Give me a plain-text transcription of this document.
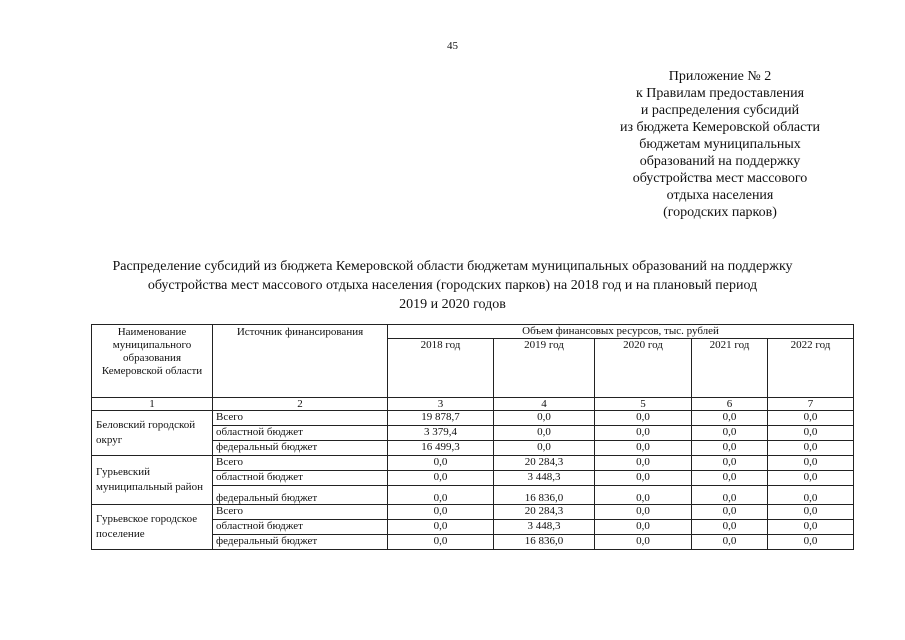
45
Приложение № 2
к Правилам предоставления
и распределения субсидий
из бюджета Кемеровской области
бюджетам муниципальных
образований на поддержку
обустройства мест массового
отдыха населения
(городских парков)
Распределение субсидий из бюджета Кемеровской области бюджетам муниципальных образований на поддержку
обустройства мест массового отдыха населения (городских парков) на 2018 год и на плановый период
2019 и 2020 годов
Наименование муниципального образования Кемеровской области	Источник финансирования	Объем финансовых ресурсов, тыс. рублей				
		2018 год	2019 год	2020 год	2021 год	2022 год
1	2	3	4	5	6	7
Беловский городской округ	Всего	19 878,7	0,0	0,0	0,0	0,0
	областной бюджет	3 379,4	0,0	0,0	0,0	0,0
	федеральный бюджет	16 499,3	0,0	0,0	0,0	0,0
Гурьевский муниципальный район	Всего	0,0	20 284,3	0,0	0,0	0,0
	областной бюджет	0,0	3 448,3	0,0	0,0	0,0
	федеральный бюджет	0,0	16 836,0	0,0	0,0	0,0
Гурьевское городское поселение	Всего	0,0	20 284,3	0,0	0,0	0,0
	областной бюджет	0,0	3 448,3	0,0	0,0	0,0
	федеральный бюджет	0,0	16 836,0	0,0	0,0	0,0
